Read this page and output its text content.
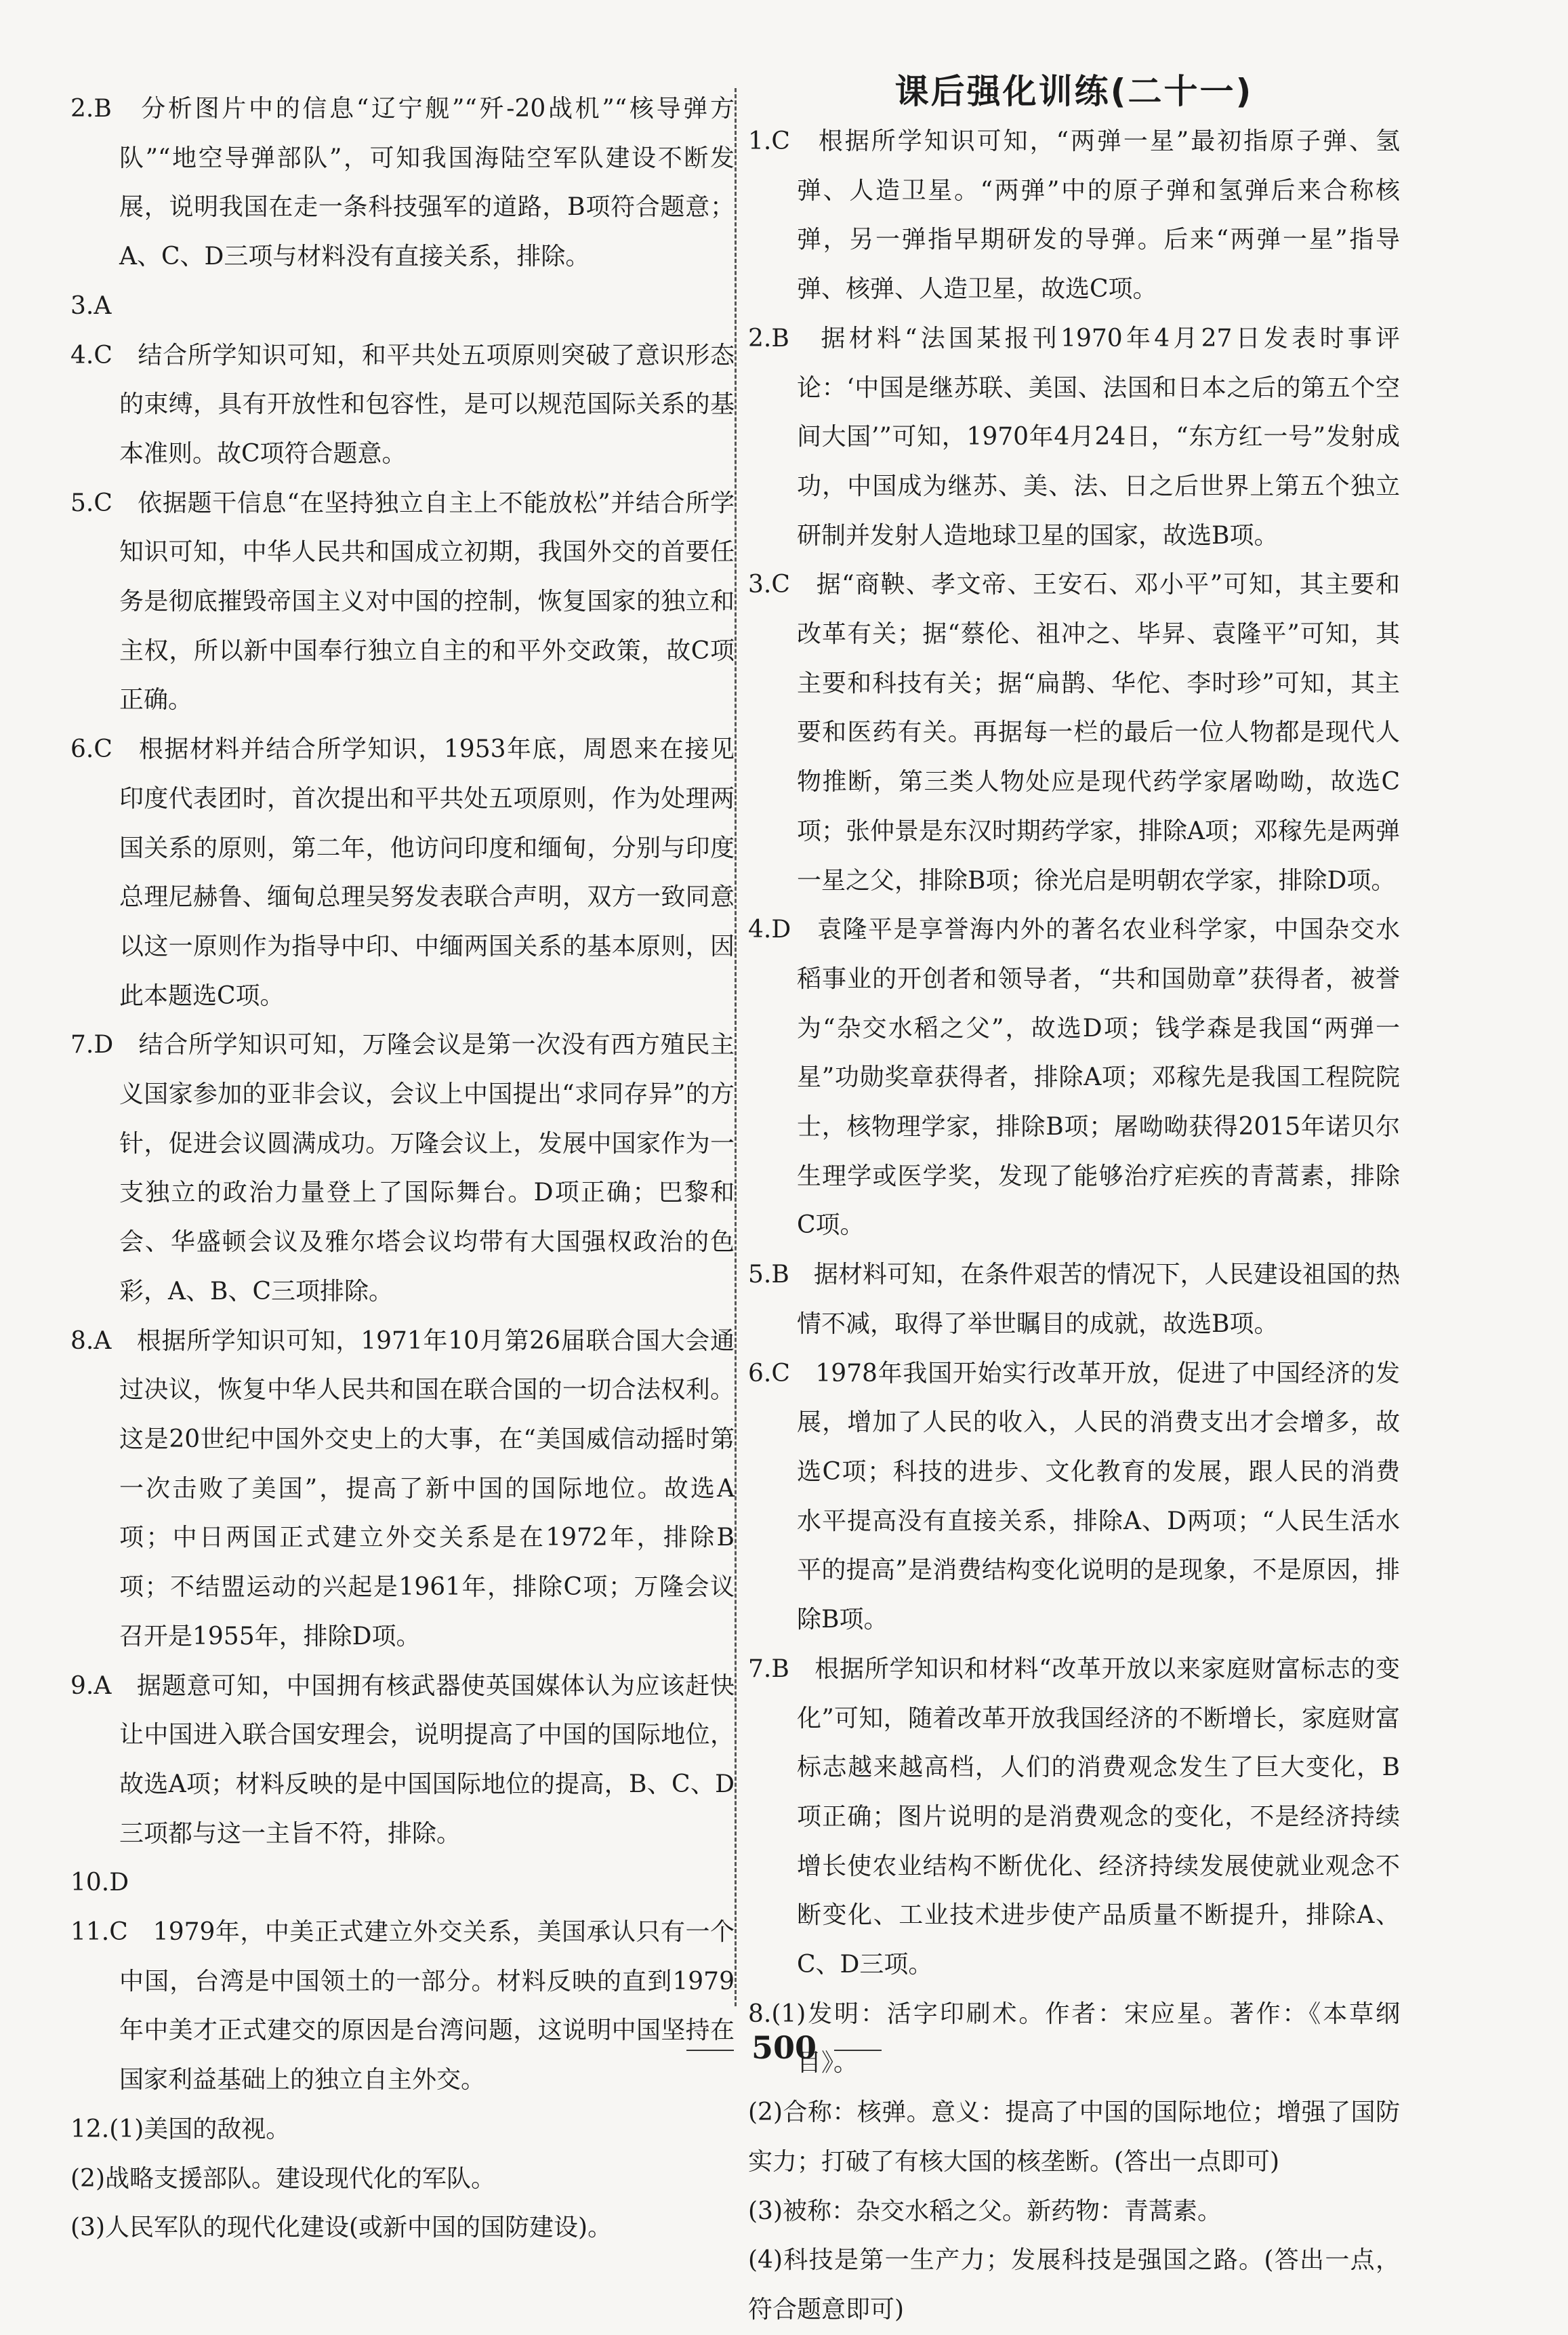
2.B　分析图片中的信息“辽宁舰”“歼-20战机”“核导弹方队”“地空导弹部队”，可知我国海陆空军队建设不断发展，说明我国在走一条科技强军的道路，B项符合题意；A、C、D三项与材料没有直接关系，排除。

3.A

4.C　结合所学知识可知，和平共处五项原则突破了意识形态的束缚，具有开放性和包容性，是可以规范国际关系的基本准则。故C项符合题意。

5.C　依据题干信息“在坚持独立自主上不能放松”并结合所学知识可知，中华人民共和国成立初期，我国外交的首要任务是彻底摧毁帝国主义对中国的控制，恢复国家的独立和主权，所以新中国奉行独立自主的和平外交政策，故C项正确。

6.C　根据材料并结合所学知识，1953年底，周恩来在接见印度代表团时，首次提出和平共处五项原则，作为处理两国关系的原则，第二年，他访问印度和缅甸，分别与印度总理尼赫鲁、缅甸总理吴努发表联合声明，双方一致同意以这一原则作为指导中印、中缅两国关系的基本原则，因此本题选C项。

7.D　结合所学知识可知，万隆会议是第一次没有西方殖民主义国家参加的亚非会议，会议上中国提出“求同存异”的方针，促进会议圆满成功。万隆会议上，发展中国家作为一支独立的政治力量登上了国际舞台。D项正确；巴黎和会、华盛顿会议及雅尔塔会议均带有大国强权政治的色彩，A、B、C三项排除。

8.A　根据所学知识可知，1971年10月第26届联合国大会通过决议，恢复中华人民共和国在联合国的一切合法权利。这是20世纪中国外交史上的大事，在“美国威信动摇时第一次击败了美国”，提高了新中国的国际地位。故选A项；中日两国正式建立外交关系是在1972年，排除B项；不结盟运动的兴起是1961年，排除C项；万隆会议召开是1955年，排除D项。

9.A　据题意可知，中国拥有核武器使英国媒体认为应该赶快让中国进入联合国安理会，说明提高了中国的国际地位，故选A项；材料反映的是中国国际地位的提高，B、C、D三项都与这一主旨不符，排除。

10.D

11.C　1979年，中美正式建立外交关系，美国承认只有一个中国，台湾是中国领土的一部分。材料反映的直到1979年中美才正式建交的原因是台湾问题，这说明中国坚持在国家利益基础上的独立自主外交。

12.(1)美国的敌视。

(2)战略支援部队。建设现代化的军队。

(3)人民军队的现代化建设(或新中国的国防建设)。

课后强化训练(二十一)

1.C　根据所学知识可知，“两弹一星”最初指原子弹、氢弹、人造卫星。“两弹”中的原子弹和氢弹后来合称核弹，另一弹指早期研发的导弹。后来“两弹一星”指导弹、核弹、人造卫星，故选C项。

2.B　据材料“法国某报刊1970年4月27日发表时事评论：‘中国是继苏联、美国、法国和日本之后的第五个空间大国’”可知，1970年4月24日，“东方红一号”发射成功，中国成为继苏、美、法、日之后世界上第五个独立研制并发射人造地球卫星的国家，故选B项。

3.C　据“商鞅、孝文帝、王安石、邓小平”可知，其主要和改革有关；据“蔡伦、祖冲之、毕昇、袁隆平”可知，其主要和科技有关；据“扁鹊、华佗、李时珍”可知，其主要和医药有关。再据每一栏的最后一位人物都是现代人物推断，第三类人物处应是现代药学家屠呦呦，故选C项；张仲景是东汉时期药学家，排除A项；邓稼先是两弹一星之父，排除B项；徐光启是明朝农学家，排除D项。

4.D　袁隆平是享誉海内外的著名农业科学家，中国杂交水稻事业的开创者和领导者，“共和国勋章”获得者，被誉为“杂交水稻之父”，故选D项；钱学森是我国“两弹一星”功勋奖章获得者，排除A项；邓稼先是我国工程院院士，核物理学家，排除B项；屠呦呦获得2015年诺贝尔生理学或医学奖，发现了能够治疗疟疾的青蒿素，排除C项。

5.B　据材料可知，在条件艰苦的情况下，人民建设祖国的热情不减，取得了举世瞩目的成就，故选B项。

6.C　1978年我国开始实行改革开放，促进了中国经济的发展，增加了人民的收入，人民的消费支出才会增多，故选C项；科技的进步、文化教育的发展，跟人民的消费水平提高没有直接关系，排除A、D两项；“人民生活水平的提高”是消费结构变化说明的是现象，不是原因，排除B项。

7.B　根据所学知识和材料“改革开放以来家庭财富标志的变化”可知，随着改革开放我国经济的不断增长，家庭财富标志越来越高档，人们的消费观念发生了巨大变化，B项正确；图片说明的是消费观念的变化，不是经济持续增长使农业结构不断优化、经济持续发展使就业观念不断变化、工业技术进步使产品质量不断提升，排除A、C、D三项。

8.(1)发明：活字印刷术。作者：宋应星。著作：《本草纲目》。

(2)合称：核弹。意义：提高了中国的国际地位；增强了国防实力；打破了有核大国的核垄断。(答出一点即可)

(3)被称：杂交水稻之父。新药物：青蒿素。

(4)科技是第一生产力；发展科技是强国之路。(答出一点，符合题意即可)

500
